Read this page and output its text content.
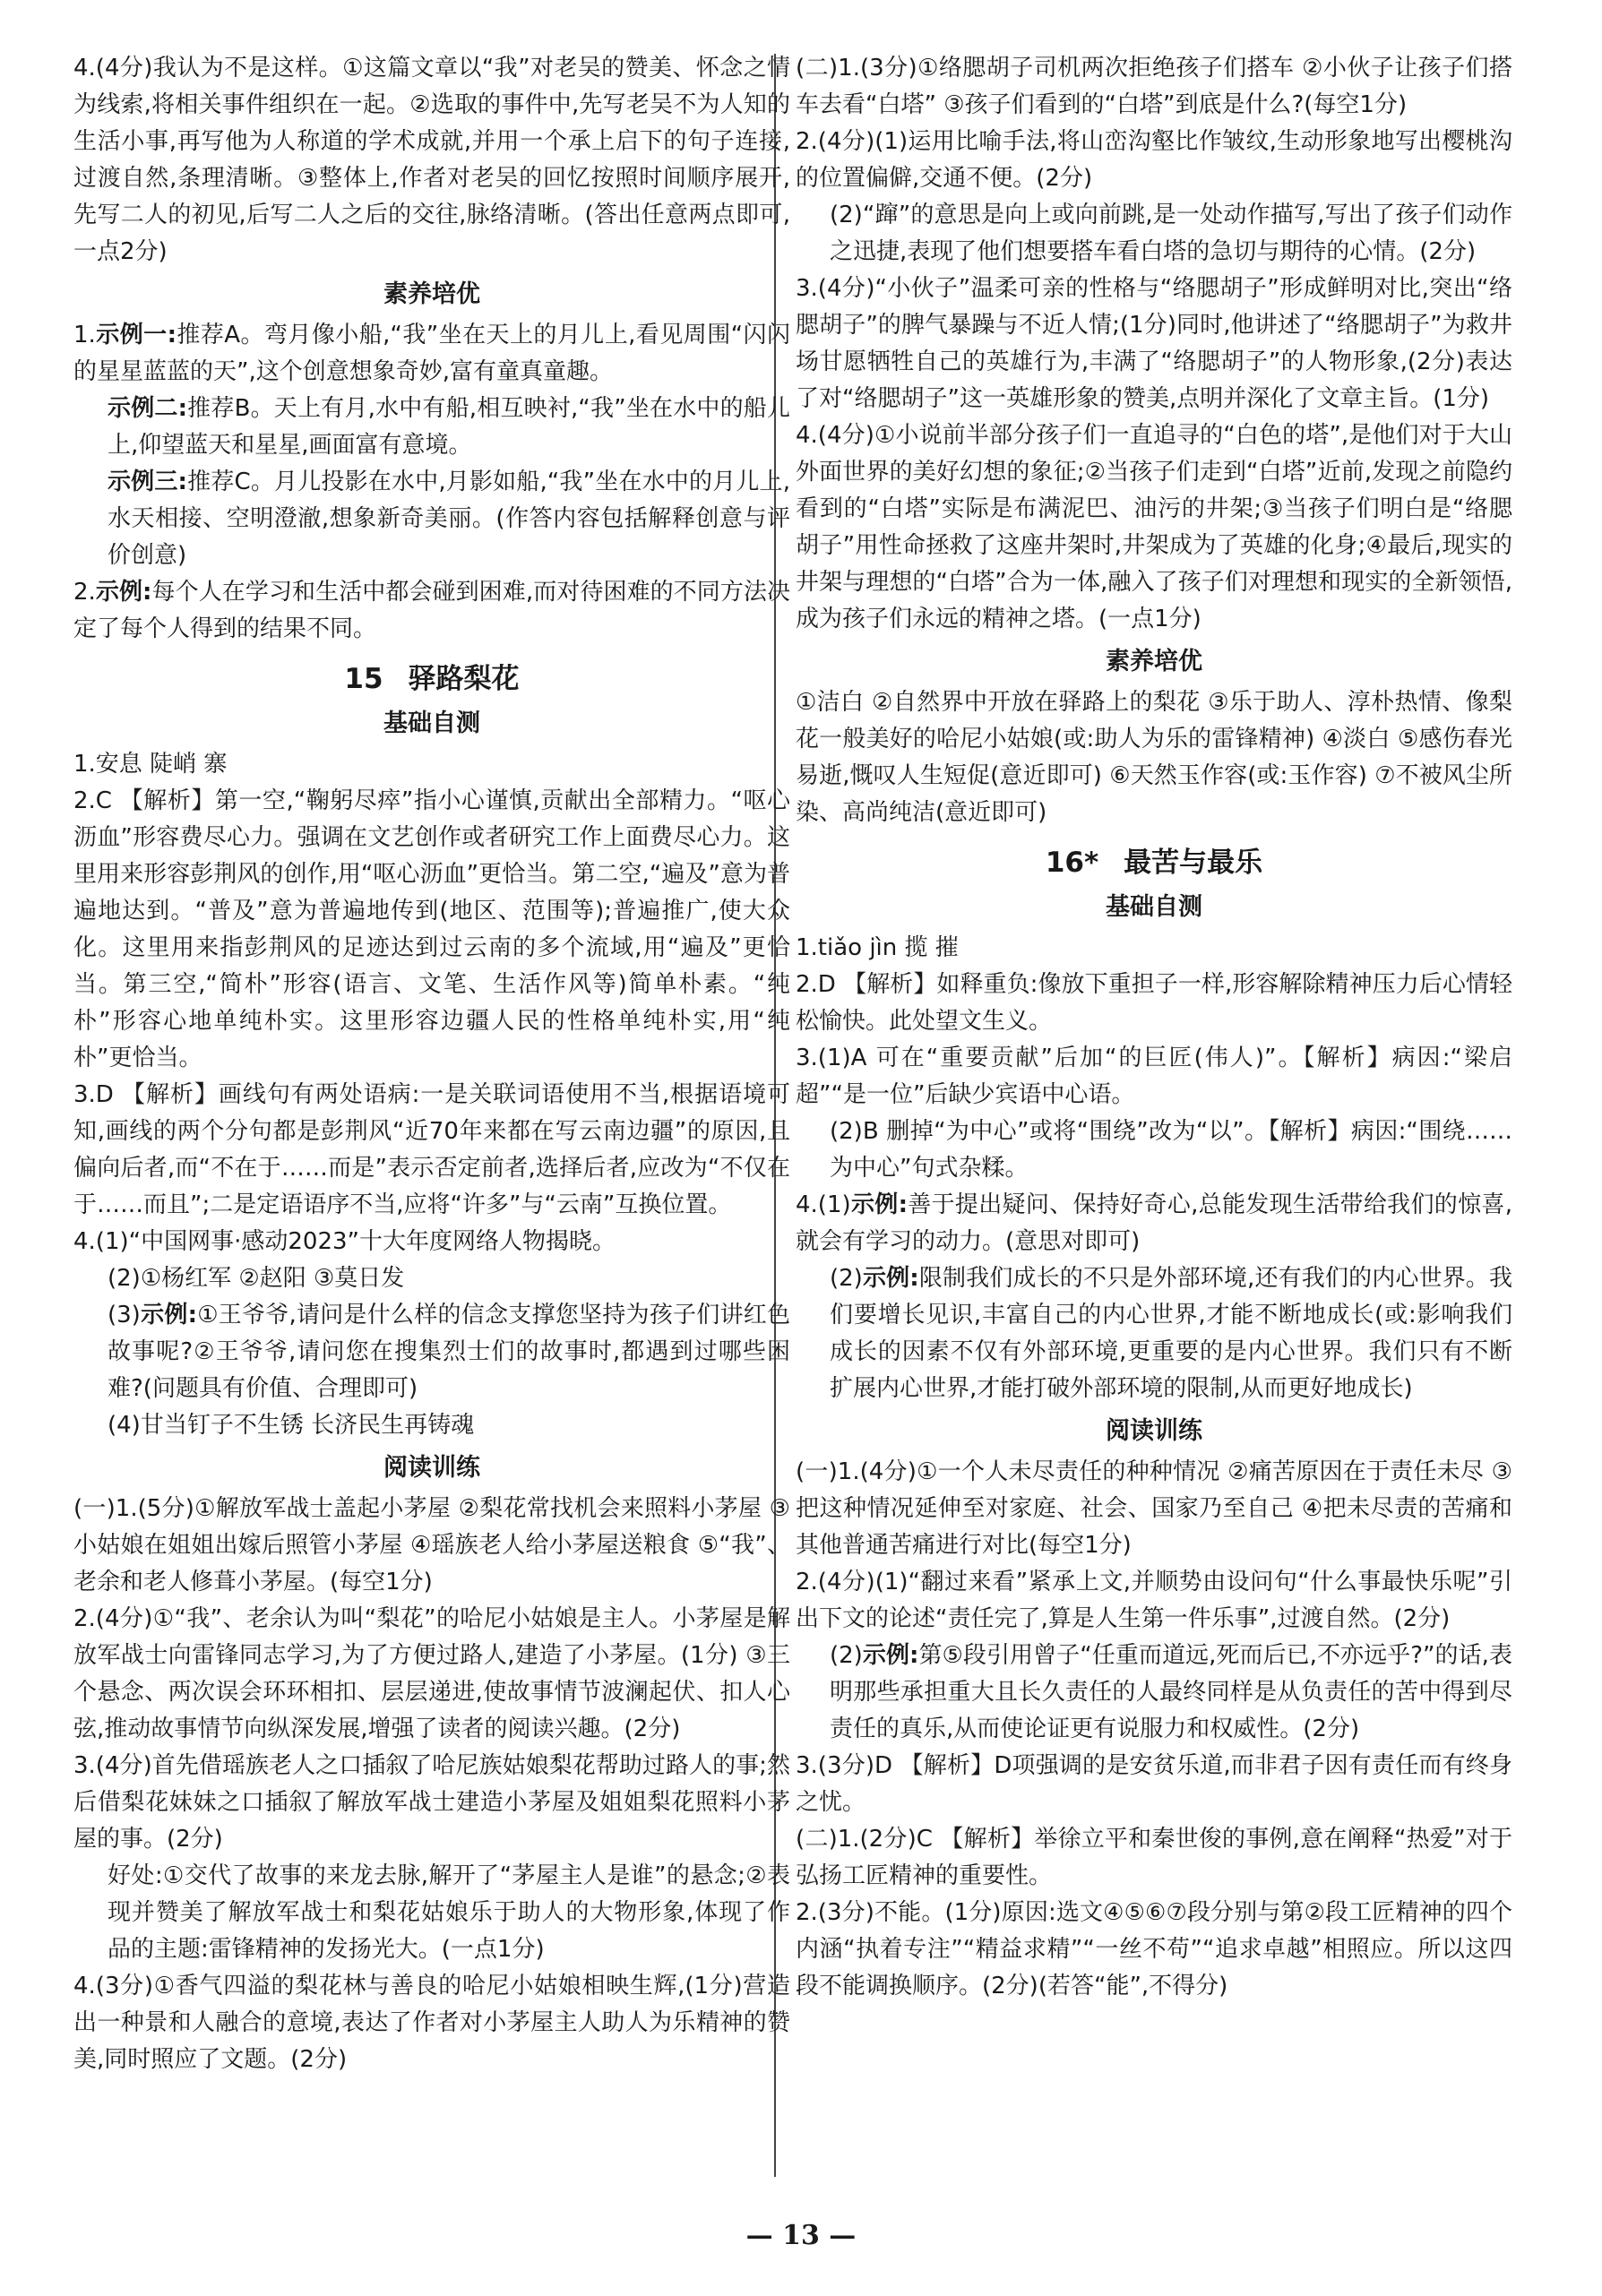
4.(4分)我认为不是这样。①这篇文章以“我”对老吴的赞美、怀念之情为线索,将相关事件组织在一起。②选取的事件中,先写老吴不为人知的生活小事,再写他为人称道的学术成就,并用一个承上启下的句子连接,过渡自然,条理清晰。③整体上,作者对老吴的回忆按照时间顺序展开,先写二人的初见,后写二人之后的交往,脉络清晰。(答出任意两点即可,一点2分)

素养培优

1.示例一:推荐A。弯月像小船,“我”坐在天上的月儿上,看见周围“闪闪的星星蓝蓝的天”,这个创意想象奇妙,富有童真童趣。

示例二:推荐B。天上有月,水中有船,相互映衬,“我”坐在水中的船儿上,仰望蓝天和星星,画面富有意境。

示例三:推荐C。月儿投影在水中,月影如船,“我”坐在水中的月儿上,水天相接、空明澄澈,想象新奇美丽。(作答内容包括解释创意与评价创意)

2.示例:每个人在学习和生活中都会碰到困难,而对待困难的不同方法决定了每个人得到的结果不同。

15 驿路梨花
基础自测

1.安息 陡峭 寨

2.C 【解析】第一空,“鞠躬尽瘁”指小心谨慎,贡献出全部精力。“呕心沥血”形容费尽心力。强调在文艺创作或者研究工作上面费尽心力。这里用来形容彭荆风的创作,用“呕心沥血”更恰当。第二空,“遍及”意为普遍地达到。“普及”意为普遍地传到(地区、范围等);普遍推广,使大众化。这里用来指彭荆风的足迹达到过云南的多个流域,用“遍及”更恰当。第三空,“简朴”形容(语言、文笔、生活作风等)简单朴素。“纯朴”形容心地单纯朴实。这里形容边疆人民的性格单纯朴实,用“纯朴”更恰当。

3.D 【解析】画线句有两处语病:一是关联词语使用不当,根据语境可知,画线的两个分句都是彭荆风“近70年来都在写云南边疆”的原因,且偏向后者,而“不在于……而是”表示否定前者,选择后者,应改为“不仅在于……而且”;二是定语语序不当,应将“许多”与“云南”互换位置。

4.(1)“中国网事·感动2023”十大年度网络人物揭晓。

(2)①杨红军 ②赵阳 ③莫日发

(3)示例:①王爷爷,请问是什么样的信念支撑您坚持为孩子们讲红色故事呢?②王爷爷,请问您在搜集烈士们的故事时,都遇到过哪些困难?(问题具有价值、合理即可)

(4)甘当钉子不生锈 长济民生再铸魂

阅读训练

(一)1.(5分)①解放军战士盖起小茅屋 ②梨花常找机会来照料小茅屋 ③小姑娘在姐姐出嫁后照管小茅屋 ④瑶族老人给小茅屋送粮食 ⑤“我”、老余和老人修葺小茅屋。(每空1分)

2.(4分)①“我”、老余认为叫“梨花”的哈尼小姑娘是主人。小茅屋是解放军战士向雷锋同志学习,为了方便过路人,建造了小茅屋。(1分) ③三个悬念、两次误会环环相扣、层层递进,使故事情节波澜起伏、扣人心弦,推动故事情节向纵深发展,增强了读者的阅读兴趣。(2分)

3.(4分)首先借瑶族老人之口插叙了哈尼族姑娘梨花帮助过路人的事;然后借梨花妹妹之口插叙了解放军战士建造小茅屋及姐姐梨花照料小茅屋的事。(2分)

好处:①交代了故事的来龙去脉,解开了“茅屋主人是谁”的悬念;②表现并赞美了解放军战士和梨花姑娘乐于助人的大物形象,体现了作品的主题:雷锋精神的发扬光大。(一点1分)

4.(3分)①香气四溢的梨花林与善良的哈尼小姑娘相映生辉,(1分)营造出一种景和人融合的意境,表达了作者对小茅屋主人助人为乐精神的赞美,同时照应了文题。(2分)

(二)1.(3分)①络腮胡子司机两次拒绝孩子们搭车 ②小伙子让孩子们搭车去看“白塔” ③孩子们看到的“白塔”到底是什么?(每空1分)

2.(4分)(1)运用比喻手法,将山峦沟壑比作皱纹,生动形象地写出樱桃沟的位置偏僻,交通不便。(2分)

(2)“蹿”的意思是向上或向前跳,是一处动作描写,写出了孩子们动作之迅捷,表现了他们想要搭车看白塔的急切与期待的心情。(2分)

3.(4分)“小伙子”温柔可亲的性格与“络腮胡子”形成鲜明对比,突出“络腮胡子”的脾气暴躁与不近人情;(1分)同时,他讲述了“络腮胡子”为救井场甘愿牺牲自己的英雄行为,丰满了“络腮胡子”的人物形象,(2分)表达了对“络腮胡子”这一英雄形象的赞美,点明并深化了文章主旨。(1分)

4.(4分)①小说前半部分孩子们一直追寻的“白色的塔”,是他们对于大山外面世界的美好幻想的象征;②当孩子们走到“白塔”近前,发现之前隐约看到的“白塔”实际是布满泥巴、油污的井架;③当孩子们明白是“络腮胡子”用性命拯救了这座井架时,井架成为了英雄的化身;④最后,现实的井架与理想的“白塔”合为一体,融入了孩子们对理想和现实的全新领悟,成为孩子们永远的精神之塔。(一点1分)

素养培优

①洁白 ②自然界中开放在驿路上的梨花 ③乐于助人、淳朴热情、像梨花一般美好的哈尼小姑娘(或:助人为乐的雷锋精神) ④淡白 ⑤感伤春光易逝,慨叹人生短促(意近即可) ⑥天然玉作容(或:玉作容) ⑦不被风尘所染、高尚纯洁(意近即可)

16* 最苦与最乐
基础自测

1.tiǎo jìn 揽 摧

2.D 【解析】如释重负:像放下重担子一样,形容解除精神压力后心情轻松愉快。此处望文生义。

3.(1)A 可在“重要贡献”后加“的巨匠(伟人)”。【解析】病因:“梁启超”“是一位”后缺少宾语中心语。

(2)B 删掉“为中心”或将“围绕”改为“以”。【解析】病因:“围绕……为中心”句式杂糅。

4.(1)示例:善于提出疑问、保持好奇心,总能发现生活带给我们的惊喜,就会有学习的动力。(意思对即可)

(2)示例:限制我们成长的不只是外部环境,还有我们的内心世界。我们要增长见识,丰富自己的内心世界,才能不断地成长(或:影响我们成长的因素不仅有外部环境,更重要的是内心世界。我们只有不断扩展内心世界,才能打破外部环境的限制,从而更好地成长)

阅读训练

(一)1.(4分)①一个人未尽责任的种种情况 ②痛苦原因在于责任未尽 ③把这种情况延伸至对家庭、社会、国家乃至自己 ④把未尽责的苦痛和其他普通苦痛进行对比(每空1分)

2.(4分)(1)“翻过来看”紧承上文,并顺势由设问句“什么事最快乐呢”引出下文的论述“责任完了,算是人生第一件乐事”,过渡自然。(2分)

(2)示例:第⑤段引用曾子“任重而道远,死而后已,不亦远乎?”的话,表明那些承担重大且长久责任的人最终同样是从负责任的苦中得到尽责任的真乐,从而使论证更有说服力和权威性。(2分)

3.(3分)D 【解析】D项强调的是安贫乐道,而非君子因有责任而有终身之忧。

(二)1.(2分)C 【解析】举徐立平和秦世俊的事例,意在阐释“热爱”对于弘扬工匠精神的重要性。

2.(3分)不能。(1分)原因:选文④⑤⑥⑦段分别与第②段工匠精神的四个内涵“执着专注”“精益求精”“一丝不苟”“追求卓越”相照应。所以这四段不能调换顺序。(2分)(若答“能”,不得分)

— 13 —
